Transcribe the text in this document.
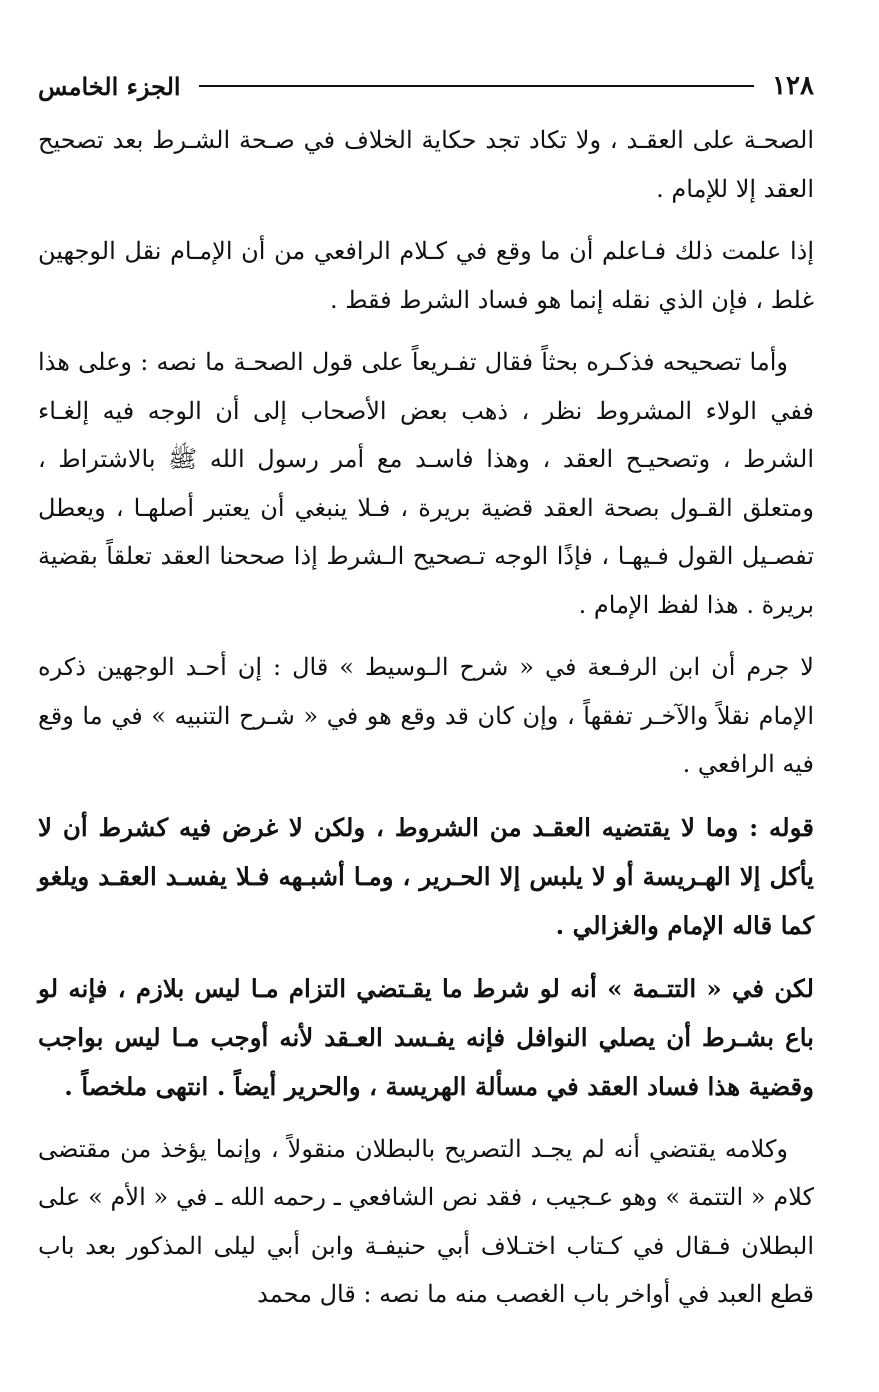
١٢٨
الجزء الخامس

الصحـة على العقـد ، ولا تكاد تجد حكاية الخلاف في صـحة الشـرط بعد تصحيح العقد إلا للإمام .

إذا علمت ذلك فـاعلم أن ما وقع في كـلام الرافعي من أن الإمـام نقل الوجهين غلط ، فإن الذي نقله إنما هو فساد الشرط فقط .

وأما تصحيحه فذكـره بحثاً فقال تفـريعاً على قول الصحـة ما نصه : وعلى هذا ففي الولاء المشروط نظر ، ذهب بعض الأصحاب إلى أن الوجه فيه إلغـاء الشرط ، وتصحيـح العقد ، وهذا فاسـد مع أمر رسول الله ﷺ بالاشتراط ، ومتعلق القـول بصحة العقد قضية بريرة ، فـلا ينبغي أن يعتبر أصلهـا ، ويعطل تفصـيل القول فـيهـا ، فإذًا الوجه تـصحيح الـشرط إذا صححنا العقد تعلقاً بقضية بريرة . هذا لفظ الإمام .

لا جرم أن ابن الرفـعة في « شرح الـوسيط » قال : إن أحـد الوجهين ذكره الإمام نقلاً والآخـر تفقهاً ، وإن كان قد وقع هو في « شـرح التنبيه » في ما وقع فيه الرافعي .

قوله : وما لا يقتضيه العقـد من الشروط ، ولكن لا غرض فيه كشرط أن لا يأكل إلا الهـريسة أو لا يلبس إلا الحـرير ، ومـا أشبـهه فـلا يفسـد العقـد ويلغو كما قاله الإمام والغزالي .

لكن في « التتـمة » أنه لو شرط ما يقـتضي التزام مـا ليس بلازم ، فإنه لو باع بشـرط أن يصلي النوافل فإنه يفـسد العـقد لأنه أوجب مـا ليس بواجب وقضية هذا فساد العقد في مسألة الهريسة ، والحرير أيضاً . انتهى ملخصاً .

وكلامه يقتضي أنه لم يجـد التصريح بالبطلان منقولاً ، وإنما يؤخذ من مقتضى كلام « التتمة » وهو عـجيب ، فقد نص الشافعي ـ رحمه الله ـ في « الأم » على البطلان فـقال في كـتاب اختـلاف أبي حنيفـة وابن أبي ليلى المذكور بعد باب قطع العبد في أواخر باب الغصب منه ما نصه : قال محمد
